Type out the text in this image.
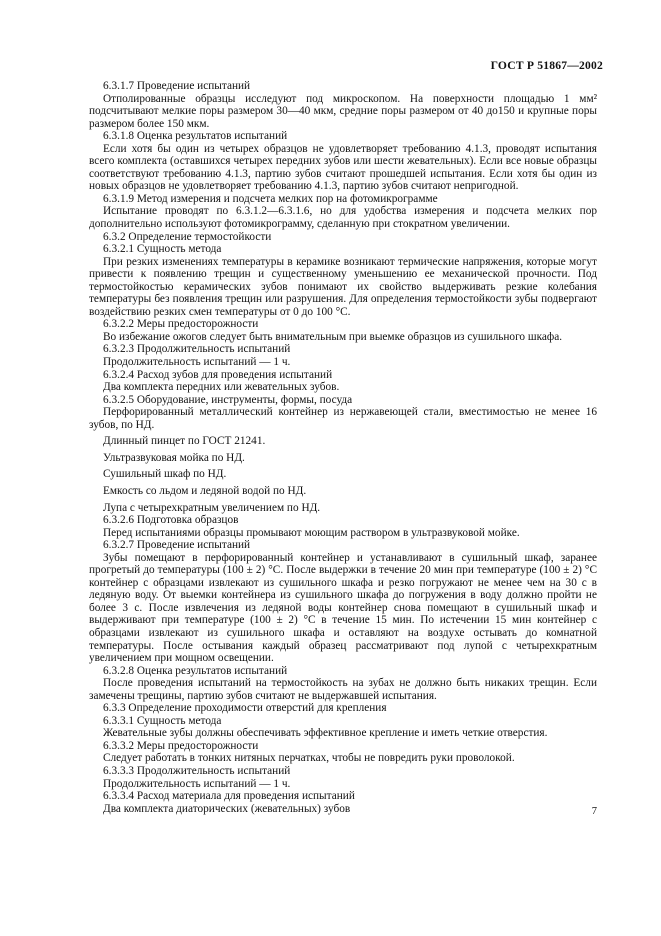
ГОСТ Р 51867—2002

6.3.1.7 Проведение испытаний

Отполированные образцы исследуют под микроскопом. На поверхности площадью 1 мм² подсчитывают мелкие поры размером 30—40 мкм, средние поры размером от 40 до150 и крупные поры размером более 150 мкм.

6.3.1.8 Оценка результатов испытаний

Если хотя бы один из четырех образцов не удовлетворяет требованию 4.1.3, проводят испытания всего комплекта (оставшихся четырех передних зубов или шести жевательных). Если все новые образцы соответствуют требованию 4.1.3, партию зубов считают прошедшей испытания. Если хотя бы один из новых образцов не удовлетворяет требованию 4.1.3, партию зубов считают непригодной.

6.3.1.9 Метод измерения и подсчета мелких пор на фотомикрограмме

Испытание проводят по 6.3.1.2—6.3.1.6, но для удобства измерения и подсчета мелких пор дополнительно используют фотомикрограмму, сделанную при стократном увеличении.

6.3.2 Определение термостойкости

6.3.2.1 Сущность метода

При резких изменениях температуры в керамике возникают термические напряжения, которые могут привести к появлению трещин и существенному уменьшению ее механической прочности. Под термостойкостью керамических зубов понимают их свойство выдерживать резкие колебания температуры без появления трещин или разрушения. Для определения термостойкости зубы подвергают воздействию резких смен температуры от 0 до 100 °С.

6.3.2.2 Меры предосторожности

Во избежание ожогов следует быть внимательным при выемке образцов из сушильного шкафа.

6.3.2.3 Продолжительность испытаний

Продолжительность испытаний — 1 ч.

6.3.2.4 Расход зубов для проведения испытаний

Два комплекта передних или жевательных зубов.

6.3.2.5 Оборудование, инструменты, формы, посуда

Перфорированный металлический контейнер из нержавеющей стали, вместимостью не менее 16 зубов, по НД.

Длинный пинцет по ГОСТ 21241.

Ультразвуковая мойка по НД.

Сушильный шкаф по НД.

Емкость со льдом и ледяной водой по НД.

Лупа с четырехкратным увеличением по НД.

6.3.2.6 Подготовка образцов

Перед испытаниями образцы промывают моющим раствором в ультразвуковой мойке.

6.3.2.7 Проведение испытаний

Зубы помещают в перфорированный контейнер и устанавливают в сушильный шкаф, заранее прогретый до температуры (100 ± 2) °С. После выдержки в течение 20 мин при температуре (100 ± 2) °С контейнер с образцами извлекают из сушильного шкафа и резко погружают не менее чем на 30 с в ледяную воду. От выемки контейнера из сушильного шкафа до погружения в воду должно пройти не более 3 с. После извлечения из ледяной воды контейнер снова помещают в сушильный шкаф и выдерживают при температуре (100 ± 2) °С в течение 15 мин. По истечении 15 мин контейнер с образцами извлекают из сушильного шкафа и оставляют на воздухе остывать до комнатной температуры. После остывания каждый образец рассматривают под лупой с четырехкратным увеличением при мощном освещении.

6.3.2.8 Оценка результатов испытаний

После проведения испытаний на термостойкость на зубах не должно быть никаких трещин. Если замечены трещины, партию зубов считают не выдержавшей испытания.

6.3.3 Определение проходимости отверстий для крепления

6.3.3.1 Сущность метода

Жевательные зубы должны обеспечивать эффективное крепление и иметь четкие отверстия.

6.3.3.2 Меры предосторожности

Следует работать в тонких нитяных перчатках, чтобы не повредить руки проволокой.

6.3.3.3 Продолжительность испытаний

Продолжительность испытаний — 1 ч.

6.3.3.4 Расход материала для проведения испытаний

Два комплекта диаторических (жевательных) зубов	7
